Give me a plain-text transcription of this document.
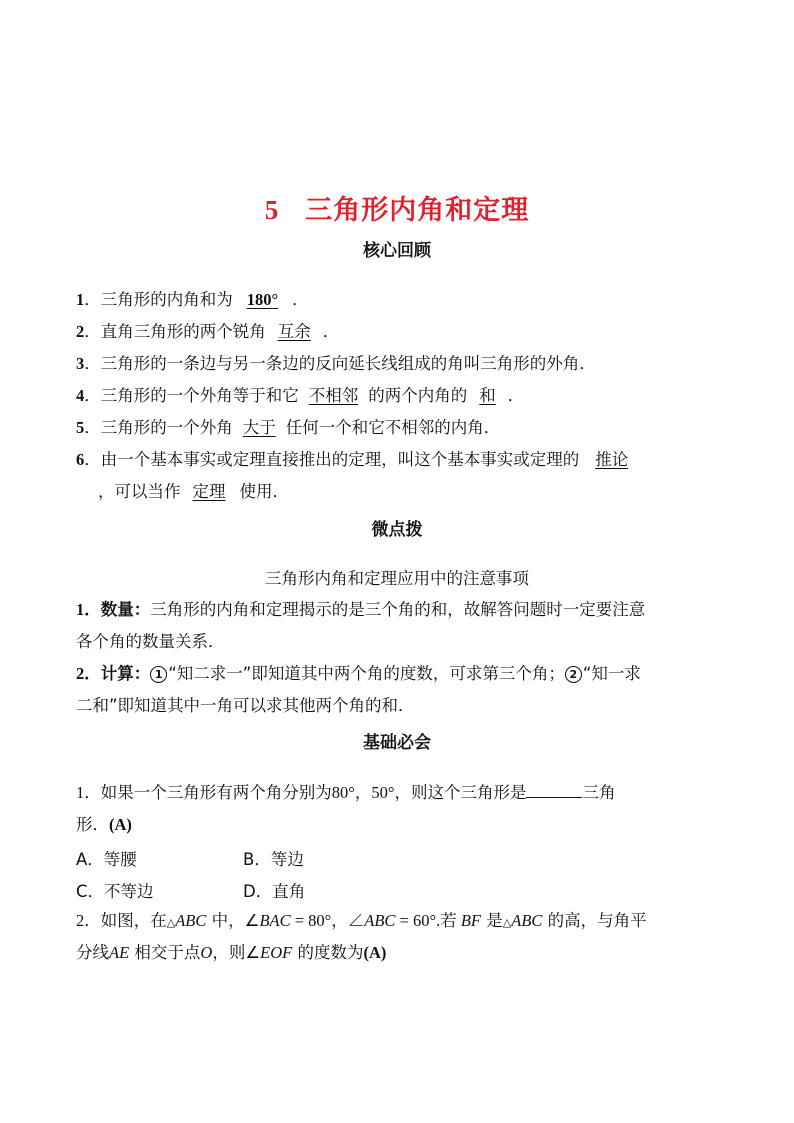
5 三角形内角和定理
核心回顾
1．三角形的内角和为 180° ．
2．直角三角形的两个锐角 互余 ．
3．三角形的一条边与另一条边的反向延长线组成的角叫三角形的外角．
4．三角形的一个外角等于和它 不相邻 的两个内角的 和 ．
5．三角形的一个外角 大于 任何一个和它不相邻的内角．
6．由一个基本事实或定理直接推出的定理，叫这个基本事实或定理的 推论
，可以当作 定理 使用．
微点拨
三角形内角和定理应用中的注意事项
1．数量：三角形的内角和定理揭示的是三个角的和，故解答问题时一定要注意
各个角的数量关系．
2．计算： 1 “知二求一”即知道其中两个角的度数，可求第三个角； 2 “知一求
二和”即知道其中一角可以求其他两个角的和．
基础必会
1．如果一个三角形有两个角分别为80°，50°，则这个三角形是	三角
形．(A)
A．等腰	B．等边
C．不等边	D．直角
2．如图，在△ABC 中，∠BAC = 80°，∠ABC = 60°.若 BF 是△ABC 的高，与角平
分线AE 相交于点O，则∠EOF 的度数为(A)
